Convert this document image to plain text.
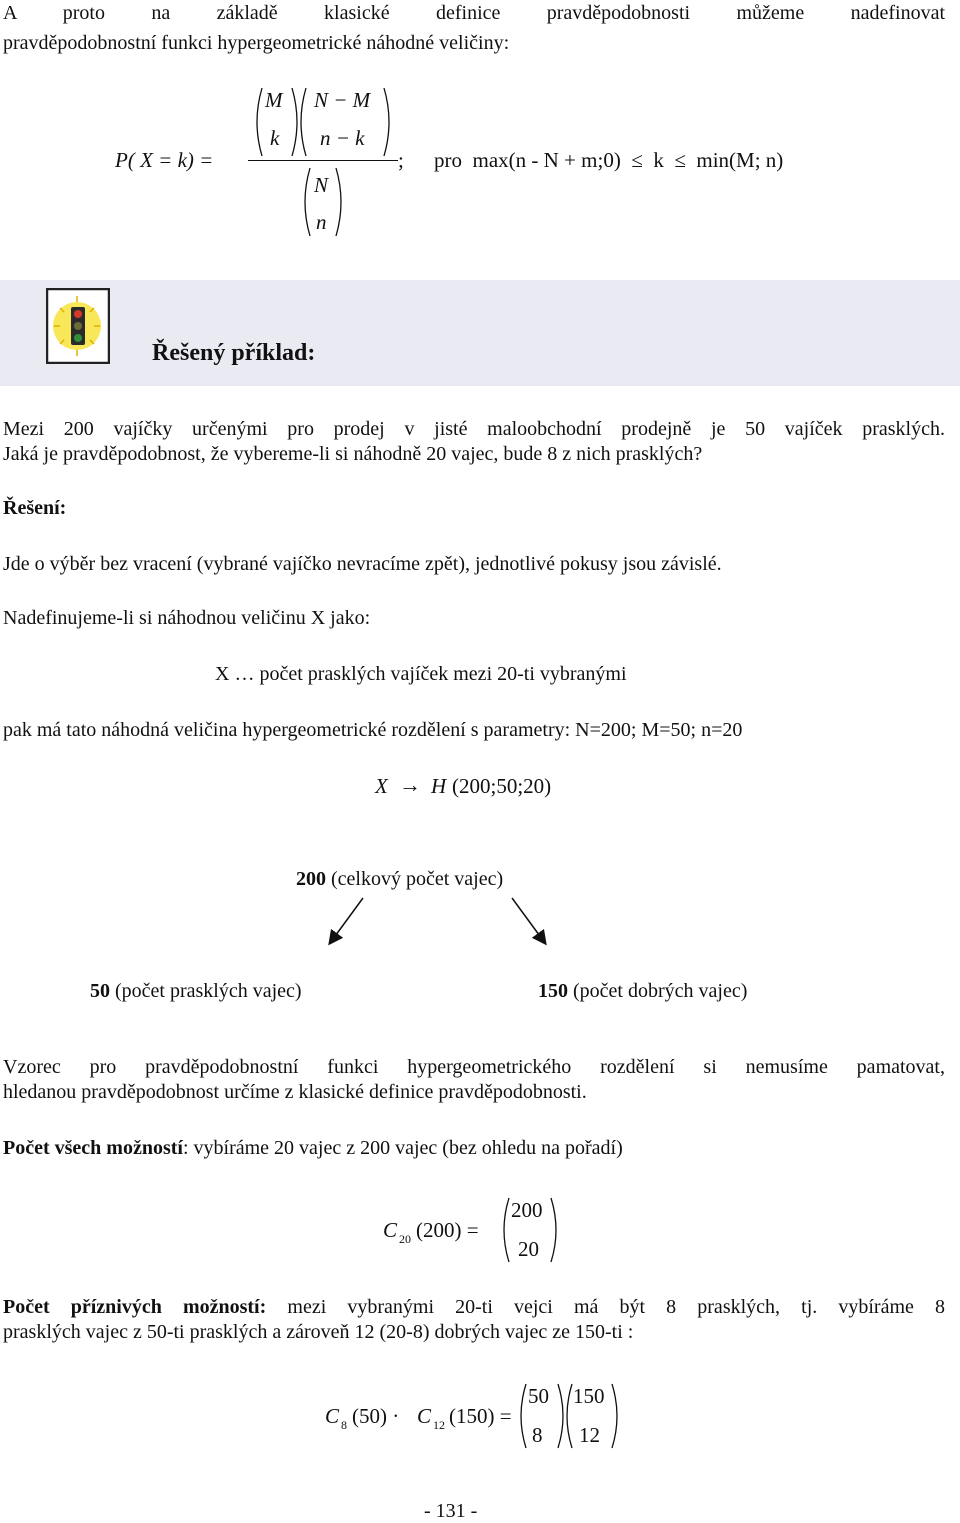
A proto na základě klasické definice pravděpodobnosti můžeme nadefinovat
pravděpodobnostní funkci hypergeometrické náhodné veličiny:
P( X = k) =
M
k
N − M
n − k
N
n
; pro  max(n - N + m;0)  ≤  k  ≤  min(M; n)
Řešený příklad:
Mezi 200 vajíčky určenými pro prodej v jisté maloobchodní prodejně je 50 vajíček prasklých.
Jaká je pravděpodobnost, že vybereme-li si náhodně 20 vajec, bude 8 z nich prasklých?
Řešení:
Jde o výběr bez vracení (vybrané vajíčko nevracíme zpět), jednotlivé pokusy jsou závislé.
Nadefinujeme-li si náhodnou veličinu X jako:
X … počet prasklých vajíček mezi 20-ti vybranými
pak má tato náhodná veličina hypergeometrické rozdělení s parametry: N=200; M=50; n=20
X → H (200;50;20)
200 (celkový počet vajec)
50 (počet prasklých vajec)	150 (počet dobrých vajec)
Vzorec pro pravděpodobnostní funkci hypergeometrického rozdělení si nemusíme pamatovat,
hledanou pravděpodobnost určíme z klasické definice pravděpodobnosti.
Počet všech možností: vybíráme 20 vajec z 200 vajec (bez ohledu na pořadí)
C 20 (200) =
200
20
Počet příznivých možností: mezi vybranými 20-ti vejci má být 8 prasklých, tj. vybíráme 8
prasklých vajec z 50-ti prasklých a zároveň 12 (20-8) dobrých vajec ze 150-ti :
C 8 (50) · C 12 (150) =
50
8
150
12
- 131 -
